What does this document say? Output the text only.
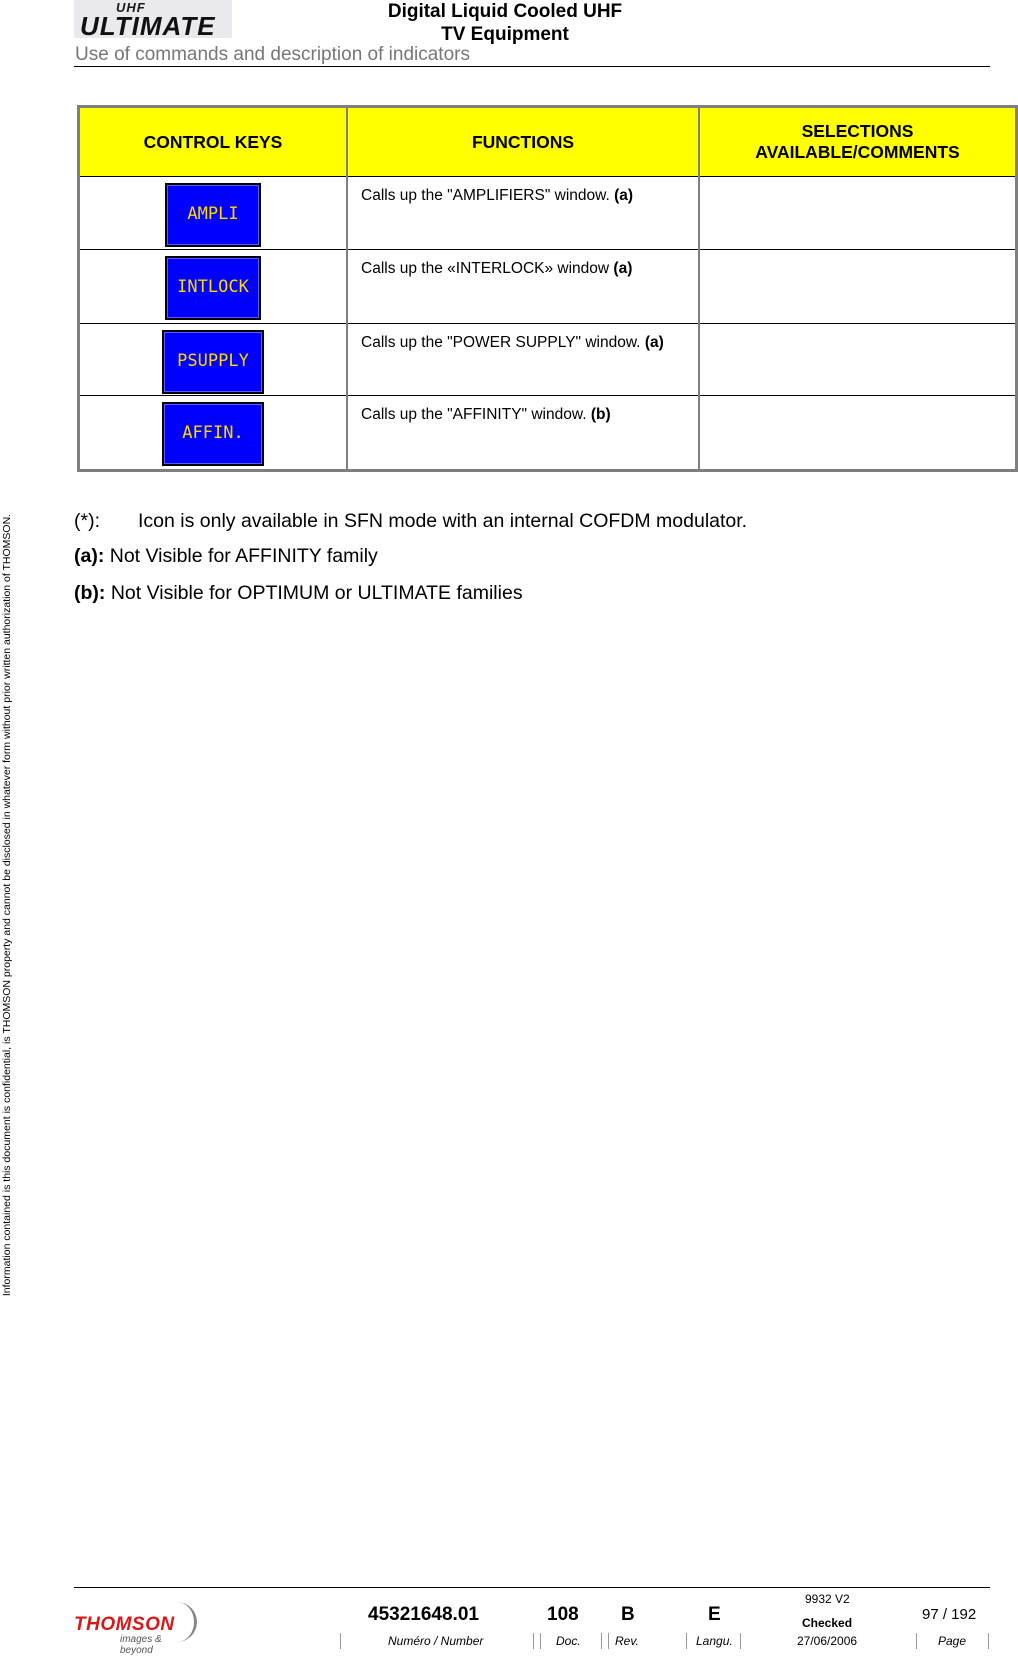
Information contained is this document is confidential, is THOMSON property and cannot be disclosed in whatever form without prior written authorization of THOMSON.
UHF
ULTIMATE	Digital Liquid Cooled UHF
TV Equipment
Use of commands and description of indicators
CONTROL KEYS	FUNCTIONS	SELECTIONS AVAILABLE/COMMENTS

AMPLI	Calls up the "AMPLIFIERS" window. (a)	

INTLOCK	Calls up the «INTERLOCK» window (a)	

PSUPPLY	Calls up the "POWER SUPPLY" window. (a)	

AFFIN.	Calls up the "AFFINITY" window. (b)	

(*): Icon is only available in SFN mode with an internal COFDM modulator.
(a): Not Visible for AFFINITY family
(b): Not Visible for OPTIMUM or ULTIMATE families
THOMSON
images & beyond
45321648.01
Numéro / Number
108
Doc.
B
Rev.
E
Langu.
9932 V2
Checked
27/06/2006
97 / 192
Page
